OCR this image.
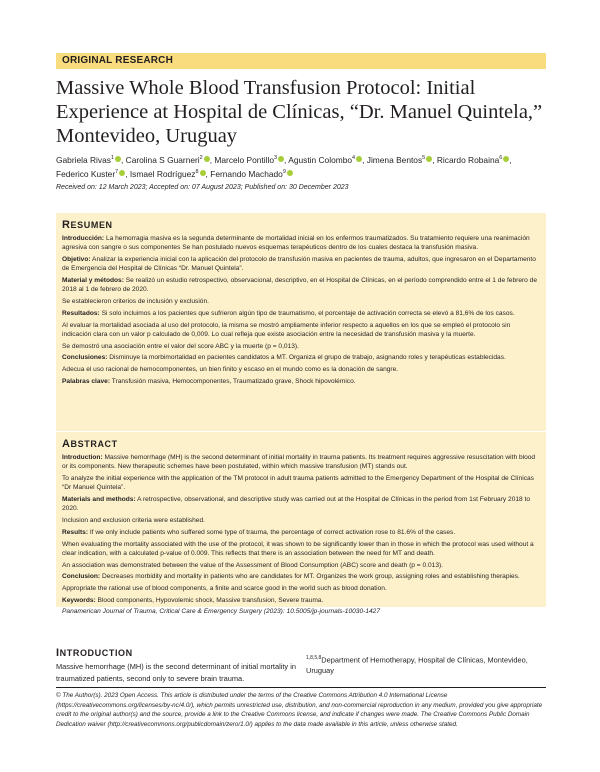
ORIGINAL RESEARCH
Massive Whole Blood Transfusion Protocol: Initial Experience at Hospital de Clínicas, “Dr. Manuel Quintela,” Montevideo, Uruguay
Gabriela Rivas$^1$ , Carolina S Guarneri$^2$ , Marcelo Pontillo$^3$ , Agustin Colombo$^4$ , Jimena Bentos$^5$ , Ricardo Robaina$^6$ , Federico Kuster$^7$ , Ismael Rodríguez$^8$ , Fernando Machado$^9$
Received on: 12 March 2023; Accepted on: 07 August 2023; Published on: 30 December 2023
RESUMEN
Introducción: La hemorragia masiva es la segunda determinante de mortalidad inicial en los enfermos traumatizados. Su tratamiento requiere una reanimación agresiva con sangre o sus componentes Se han postulado nuevos esquemas terapéuticos dentro de los cuales destaca la transfusión masiva.
Objetivo: Analizar la experiencia inicial con la aplicación del protocolo de transfusión masiva en pacientes de trauma, adultos, que ingresaron en el Departamento de Emergencia del Hospital de Clínicas “Dr. Manuel Quintela”.
Material y métodos: Se realizó un estudio retrospectivo, observacional, descriptivo, en el Hospital de Clínicas, en el período comprendido entre el 1 de febrero de 2018 al 1 de febrero de 2020.
Se establecieron criterios de inclusión y exclusión.
Resultados: Si solo incluimos a los pacientes que sufrieron algún tipo de traumatismo, el porcentaje de activación correcta se elevó a 81,6% de los casos.
Al evaluar la mortalidad asociada al uso del protocolo, la misma se mostró ampliamente inferior respecto a aquellos en los que se empleó el protocolo sin indicación clara con un valor p calculado de 0,009. Lo cual refleja que existe asociación entre la necesidad de transfusión masiva y la muerte.
Se demostró una asociación entre el valor del score ABC y la muerte (p = 0,013).
Conclusiones: Disminuye la morbimortalidad en pacientes candidatos a MT. Organiza el grupo de trabajo, asignando roles y terapéuticas establecidas.
Adecua el uso racional de hemocomponentes, un bien finito y escaso en el mundo como es la donación de sangre.
Palabras clave: Transfusión masiva, Hemocomponentes, Traumatizado grave, Shock hipovolémico.
ABSTRACT
Introduction: Massive hemorrhage (MH) is the second determinant of initial mortality in trauma patients. Its treatment requires aggressive resuscitation with blood or its components. New therapeutic schemes have been postulated, within which massive transfusion (MT) stands out.
To analyze the initial experience with the application of the TM protocol in adult trauma patients admitted to the Emergency Department of the Hospital de Clínicas “Dr Manuel Quintela”.
Materials and methods: A retrospective, observational, and descriptive study was carried out at the Hospital de Clínicas in the period from 1st February 2018 to 2020.
Inclusion and exclusion criteria were established.
Results: If we only include patients who suffered some type of trauma, the percentage of correct activation rose to 81.6% of the cases.
When evaluating the mortality associated with the use of the protocol, it was shown to be significantly lower than in those in which the protocol was used without a clear indication, with a calculated p-value of 0.009. This reflects that there is an association between the need for MT and death.
An association was demonstrated between the value of the Assessment of Blood Consumption (ABC) score and death (p = 0.013).
Conclusion: Decreases morbidity and mortality in patients who are candidates for MT. Organizes the work group, assigning roles and establishing therapies.
Appropriate the rational use of blood components, a finite and scarce good in the world such as blood donation.
Keywords: Blood components, Hypovolemic shock, Massive transfusion, Severe trauma.
Panamerican Journal of Trauma, Critical Care & Emergency Surgery (2023): 10.5005/jp-journals-10030-1427
INTRODUCTION
Massive hemorrhage (MH) is the second determinant of initial mortality in traumatized patients, second only to severe brain trauma.
$^{1,8,5,8}$Department of Hemotherapy, Hospital de Clínicas, Montevideo, Uruguay
© The Author(s). 2023 Open Access. This article is distributed under the terms of the Creative Commons Attribution 4.0 International License (https://creativecommons.org/licenses/by-nc/4.0/), which permits unrestricted use, distribution, and non-commercial reproduction in any medium, provided you give appropriate credit to the original author(s) and the source, provide a link to the Creative Commons license, and indicate if changes were made. The Creative Commons Public Domain Dedication waiver (http://creativecommons.org/publicdomain/zero/1.0/) applies to the data made available in this article, unless otherwise stated.
